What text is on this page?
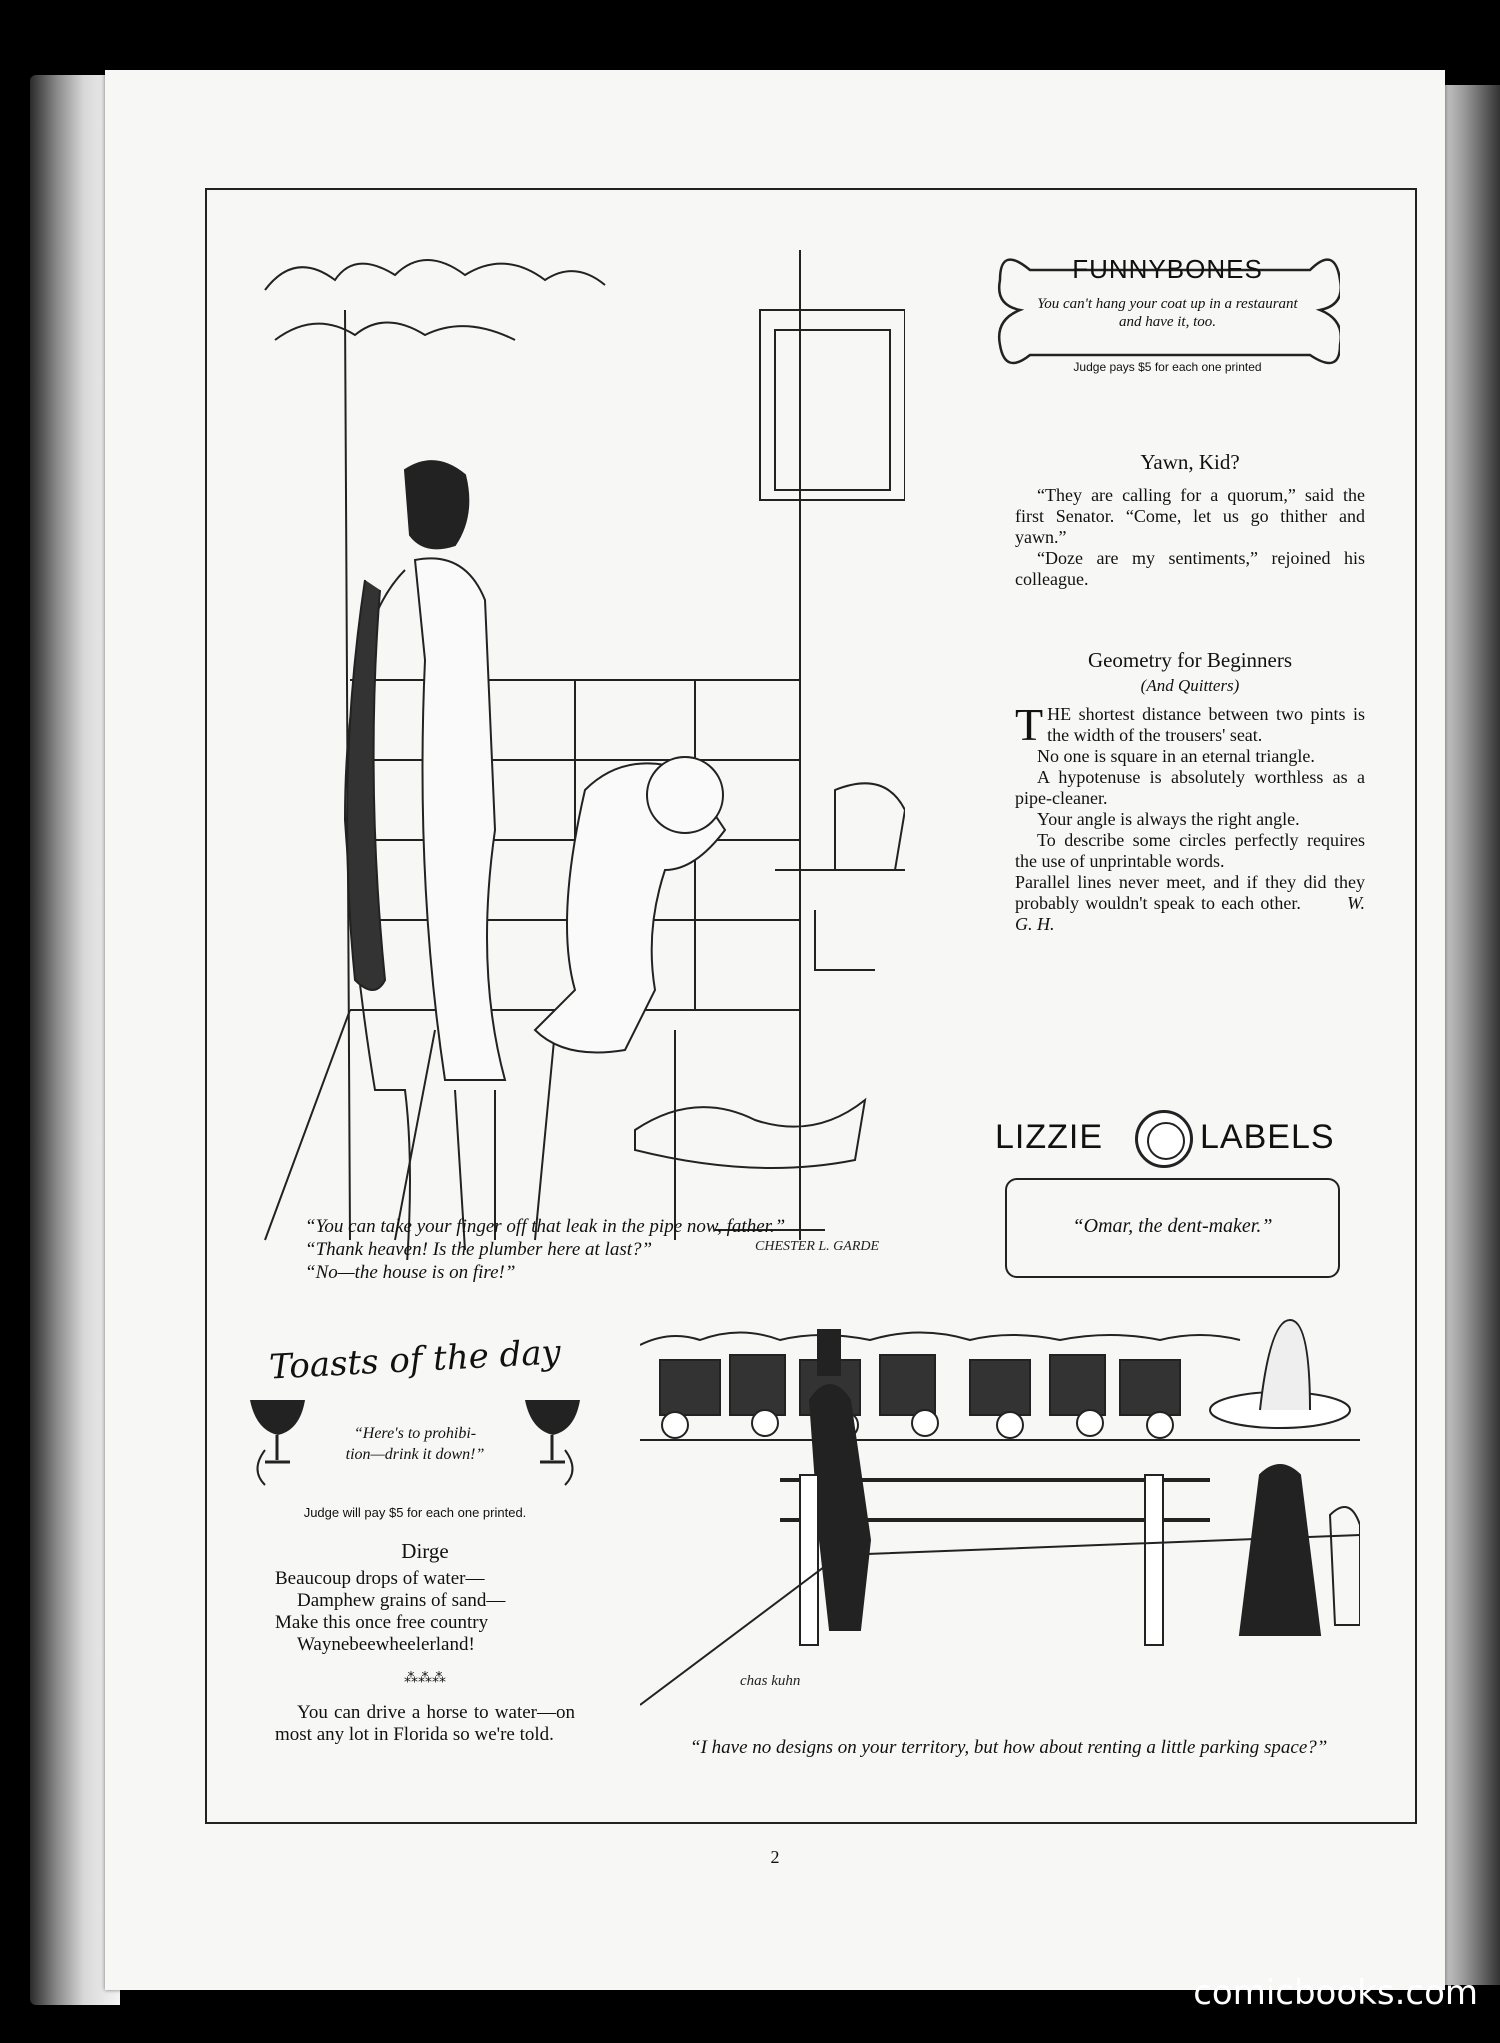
CHESTER L. GARDE
“You can take your finger off that leak in the pipe now, father.”
“Thank heaven! Is the plumber here at last?”
“No—the house is on fire!”
FUNNYBONES
You can't hang your coat up in a restaurant and have it, too.
Judge pays $5 for each one printed
Yawn, Kid?

“They are calling for a quorum,” said the first Senator. “Come, let us go thither and yawn.”

“Doze are my sentiments,” rejoined his colleague.

Geometry for Beginners
(And Quitters)
THE shortest distance between two pints is the width of the trousers' seat.

No one is square in an eternal triangle.

A hypotenuse is absolutely worthless as a pipe-cleaner.

Your angle is always the right angle.

To describe some circles perfectly requires the use of unprintable words.

Parallel lines never meet, and if they did they probably wouldn't speak to each other.	W. G. H.
LIZZIE	LABELS
“Omar, the dent-maker.”
Toasts of the day
“Here's to prohibi-
tion—drink it down!”
Judge will pay $5 for each one printed.
Dirge
Beaucoup drops of water—
Damphew grains of sand—
Make this once free country
Waynebeewheelerland!
⁂⁂⁂
You can drive a horse to water—on most any lot in Florida so we're told.
chas kuhn
“I have no designs on your territory, but how about renting a little parking space?”
2
comicbooks.com
